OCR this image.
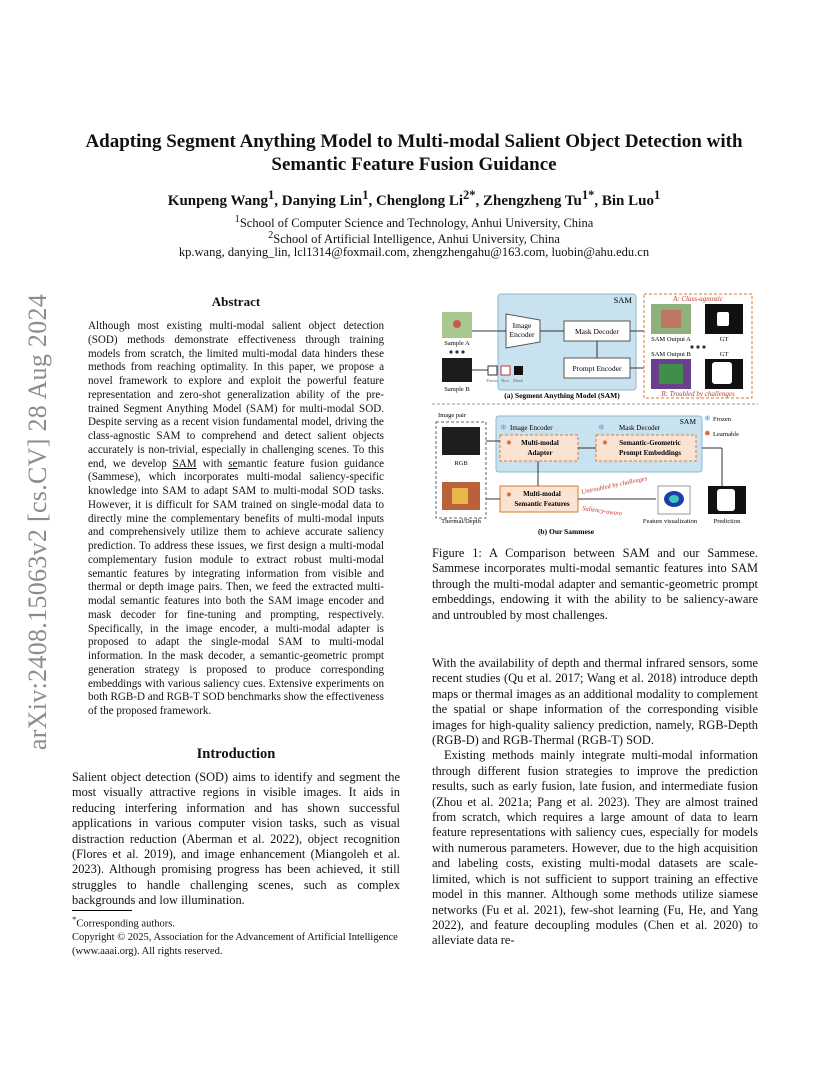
arXiv:2408.15063v2 [cs.CV] 28 Aug 2024
Adapting Segment Anything Model to Multi-modal Salient Object Detection with
Semantic Feature Fusion Guidance
Kunpeng Wang$^1$, Danying Lin$^1$, Chenglong $Li^{2*}$, Zhengzheng $Tu^{1*}$, Bin Luo$^1$
$^1$School of Computer Science and Technology, Anhui University, China
$^2$School of Artificial Intelligence, Anhui University, China
kp.wang, danying_lin, lcl1314@foxmail.com, zhengzhengahu@163.com, luobin@ahu.edu.cn
Abstract
Although most existing multi-modal salient object detection (SOD) methods demonstrate effectiveness through training models from scratch, the limited multi-modal data hinders these methods from reaching optimality. In this paper, we propose a novel framework to explore and exploit the powerful feature representation and zero-shot generalization ability of the pre-trained Segment Anything Model (SAM) for multi-modal SOD. Despite serving as a recent vision fundamental model, driving the class-agnostic SAM to comprehend and detect salient objects accurately is non-trivial, especially in challenging scenes. To this end, we develop SAM with semantic feature fusion guidance (Sammese), which incorporates multi-modal saliency-specific knowledge into SAM to adapt SAM to multi-modal SOD tasks. However, it is difficult for SAM trained on single-modal data to directly mine the complementary benefits of multi-modal inputs and comprehensively utilize them to achieve accurate saliency prediction. To address these issues, we first design a multi-modal complementary fusion module to extract robust multi-modal semantic features by integrating information from visible and thermal or depth image pairs. Then, we feed the extracted multi-modal semantic features into both the SAM image encoder and mask decoder for fine-tuning and prompting, respectively. Specifically, in the image encoder, a multi-modal adapter is proposed to adapt the single-modal SAM to multi-modal information. In the mask decoder, a semantic-geometric prompt generation strategy is proposed to produce corresponding embeddings with various saliency cues. Extensive experiments on both RGB-D and RGB-T SOD benchmarks show the effectiveness of the proposed framework.
Introduction
Salient object detection (SOD) aims to identify and segment the most visually attractive regions in visible images. It aids in reducing interfering information and has shown successful applications in various computer vision tasks, such as visual distraction reduction (Aberman et al. 2022), object recognition (Flores et al. 2019), and image enhancement (Miangoleh et al. 2023). Although promising progress has been achieved, it still struggles to handle challenging scenes, such as complex backgrounds and low illumination.
*Corresponding authors.
Copyright © 2025, Association for the Advancement of Artificial Intelligence (www.aaai.org). All rights reserved.
SAM
Image
Encoder	Mask Decoder
Prompt Encoder
Points Box Mask
Sample A
Sample B
A: Class-agnostic
SAM Output A	GT
SAM Output B	GT
B: Troubled by challenges
(a) Segment Anything Model (SAM)
Image pair
RGB
Thermal/Depth
SAM ❄ Frozen
✹ Learnable
❄ Image Encoder	❄ Mask Decoder
✹ Multi-modal
Adapter
✹ Semantic-Geometric
Prompt Embeddings
✹ Multi-modal
Semantic Features
Untroubled by challenges
Saliency-aware
Feature visualization	Prediction
(b) Our Sammese
Figure 1: A Comparison between SAM and our Sammese. Sammese incorporates multi-modal semantic features into SAM through the multi-modal adapter and semantic-geometric prompt embeddings, endowing it with the ability to be saliency-aware and untroubled by most challenges.

With the availability of depth and thermal infrared sensors, some recent studies (Qu et al. 2017; Wang et al. 2018) introduce depth maps or thermal images as an additional modality to complement the spatial or shape information of the corresponding visible images for high-quality saliency prediction, namely, RGB-Depth (RGB-D) and RGB-Thermal (RGB-T) SOD.

Existing methods mainly integrate multi-modal information through different fusion strategies to improve the prediction results, such as early fusion, late fusion, and intermediate fusion (Zhou et al. 2021a; Pang et al. 2023). They are almost trained from scratch, which requires a large amount of data to learn feature representations with saliency cues, especially for models with numerous parameters. However, due to the high acquisition and labeling costs, existing multi-modal datasets are scale-limited, which is not sufficient to support training an effective model in this manner. Although some methods utilize siamese networks (Fu et al. 2021), few-shot learning (Fu, He, and Yang 2022), and feature decoupling modules (Chen et al. 2020) to alleviate data re-
